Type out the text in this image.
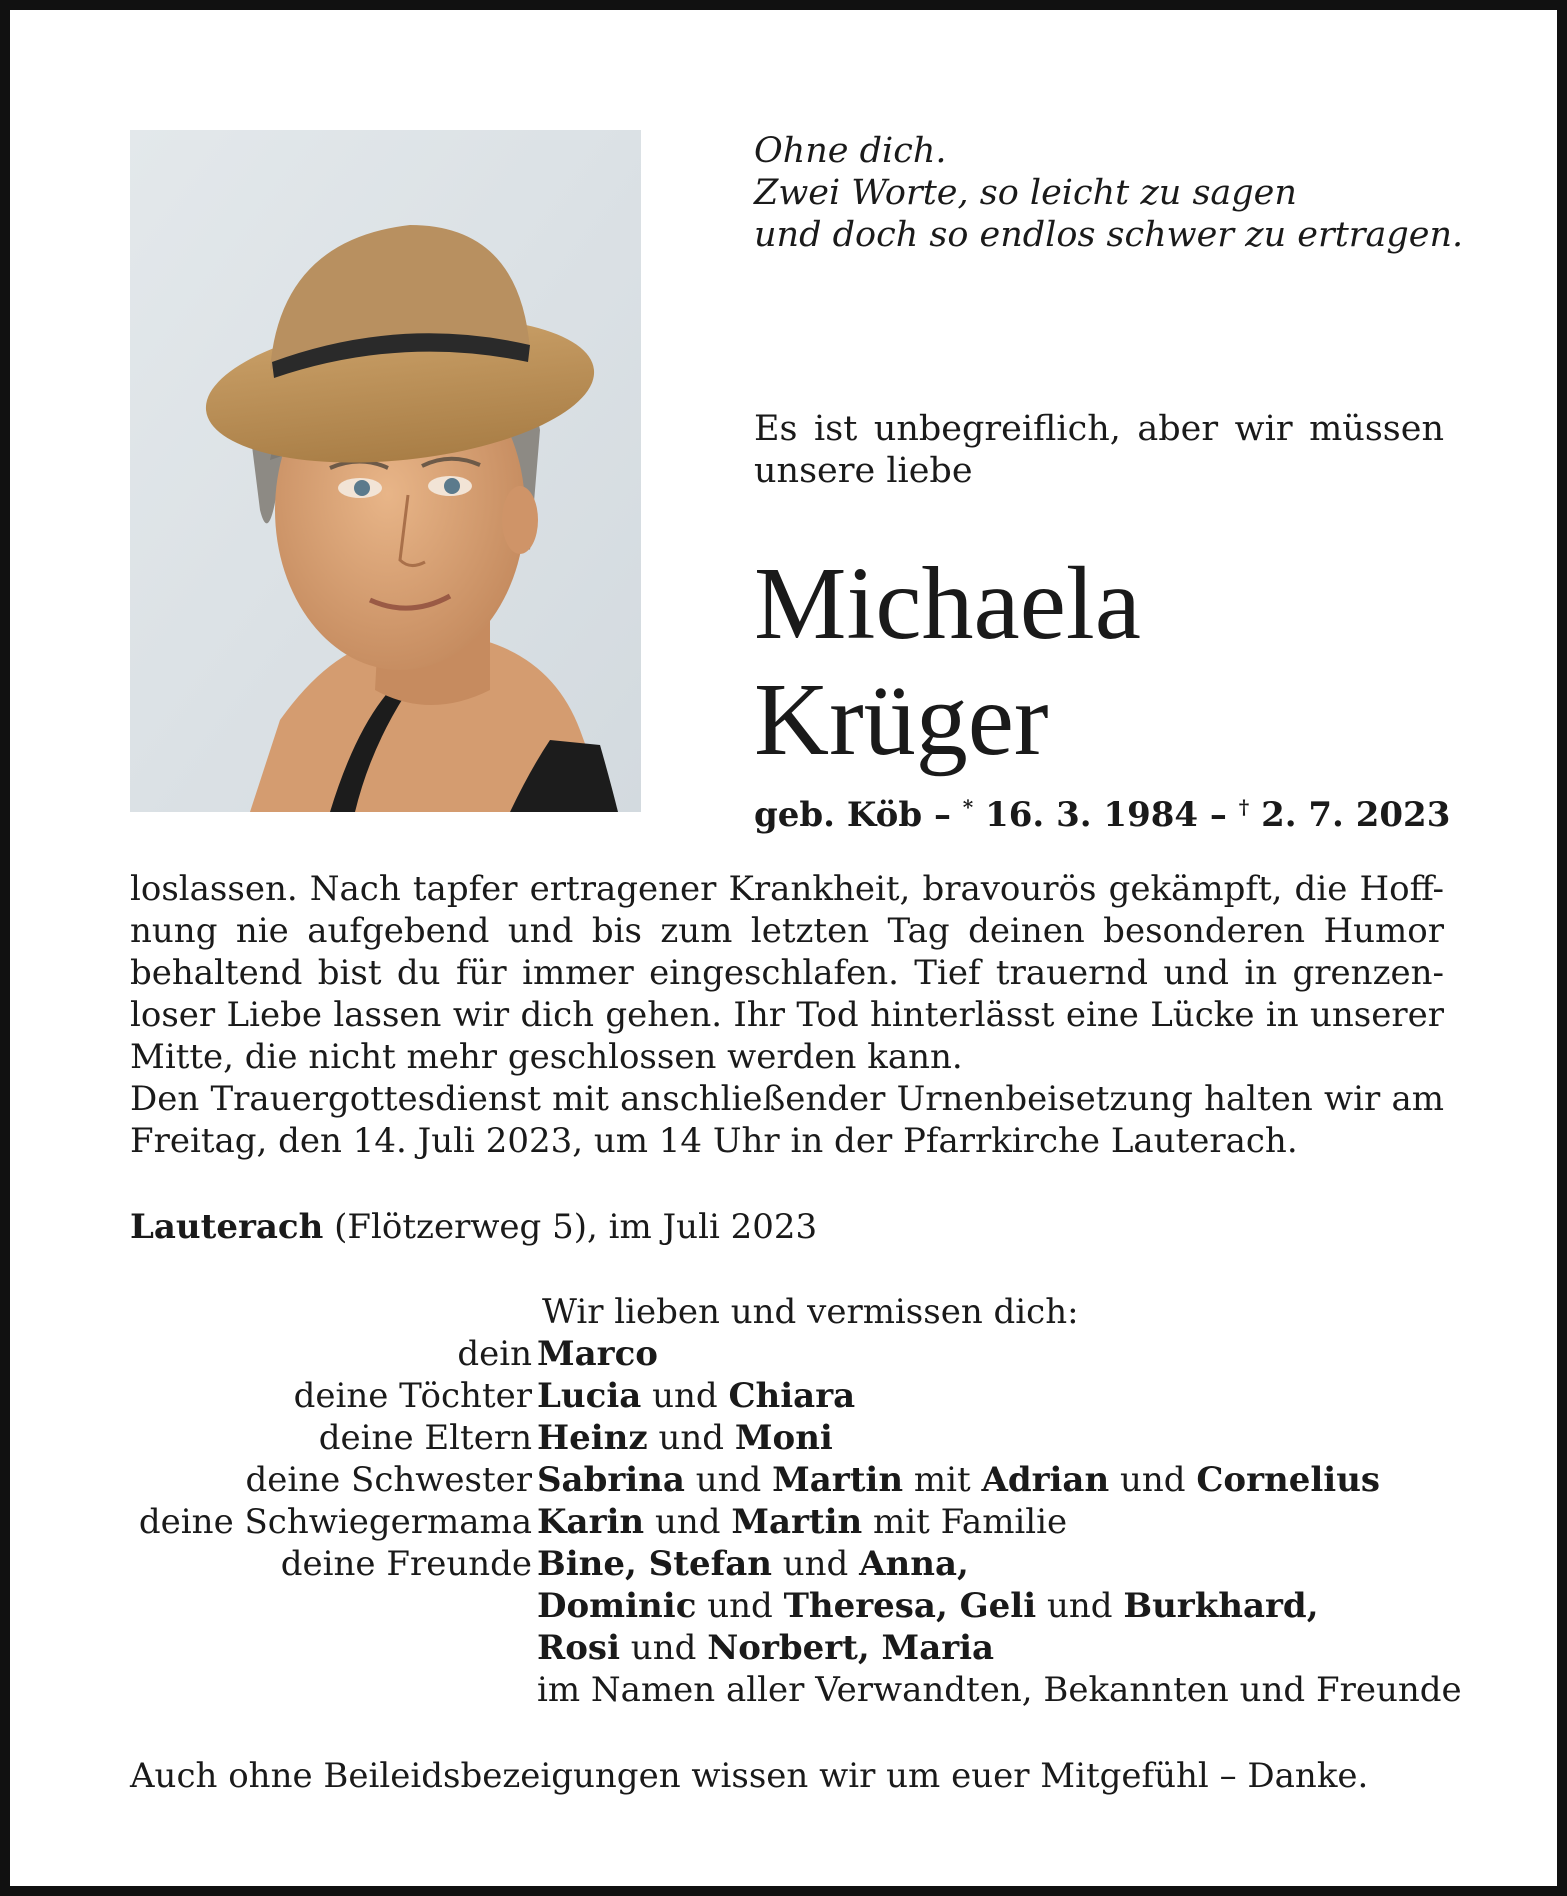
Ohne dich.
Zwei Worte, so leicht zu sagen
und doch so endlos schwer zu ertragen.

Es ist unbegreiflich, aber wir müssen unsere liebe

Michaela
Krüger

geb. Köb – * 16. 3. 1984 – † 2. 7. 2023

loslassen. Nach tapfer ertragener Krankheit, bravourös gekämpft, die Hoff-
nung nie aufgebend und bis zum letzten Tag deinen besonderen Humor
behaltend bist du für immer eingeschlafen. Tief trauernd und in grenzen-
loser Liebe lassen wir dich gehen. Ihr Tod hinterlässt eine Lücke in unserer
Mitte, die nicht mehr geschlossen werden kann.
Den Trauergottesdienst mit anschließender Urnenbeisetzung halten wir am
Freitag, den 14. Juli 2023, um 14 Uhr in der Pfarrkirche Lauterach.

Lauterach (Flötzerweg 5), im Juli 2023

Wir lieben und vermissen dich:
dein Marco
deine Töchter Lucia und Chiara
deine Eltern Heinz und Moni
deine Schwester Sabrina und Martin mit Adrian und Cornelius
deine Schwiegermama Karin und Martin mit Familie
deine Freunde Bine, Stefan und Anna,
Dominic und Theresa, Geli und Burkhard,
Rosi und Norbert, Maria
im Namen aller Verwandten, Bekannten und Freunde
Auch ohne Beileidsbezeigungen wissen wir um euer Mitgefühl – Danke.
